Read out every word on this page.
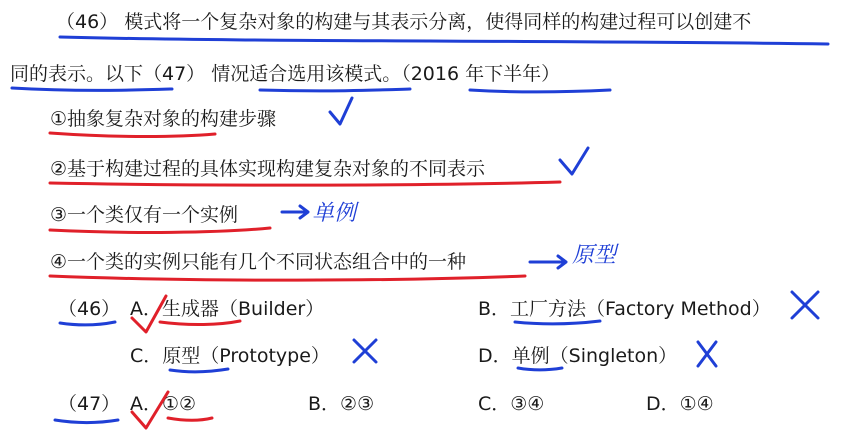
（46） 模式将一个复杂对象的构建与其表示分离，使得同样的构建过程可以创建不
同的表示。以下（47） 情况适合选用该模式。（2016 年下半年）
①抽象复杂对象的构建步骤
②基于构建过程的具体实现构建复杂对象的不同表示
③一个类仅有一个实例
④一个类的实例只能有几个不同状态组合中的一种
（46） A．生成器（Builder）	B．工厂方法（Factory Method）
C．原型（Prototype）	D．单例（Singleton）
（47） A．①②	B．②③	C．③④	D．①④
单例
原型
